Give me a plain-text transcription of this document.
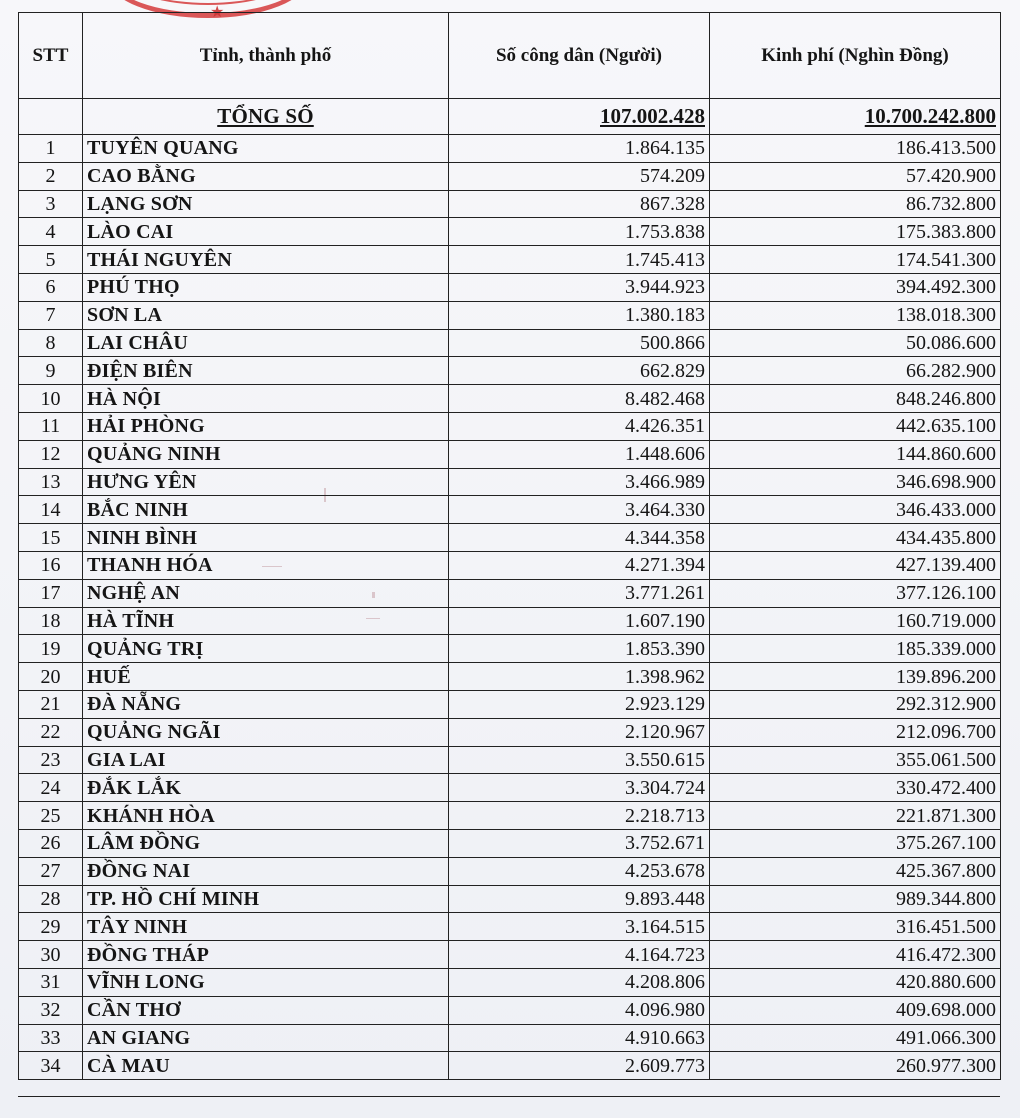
★
STT	Tỉnh, thành phố	Số công dân (Người)	Kinh phí (Nghìn Đồng)
	TỔNG SỐ	107.002.428	10.700.242.800
1	TUYÊN QUANG	1.864.135	186.413.500
2	CAO BẰNG	574.209	57.420.900
3	LẠNG SƠN	867.328	86.732.800
4	LÀO CAI	1.753.838	175.383.800
5	THÁI NGUYÊN	1.745.413	174.541.300
6	PHÚ THỌ	3.944.923	394.492.300
7	SƠN LA	1.380.183	138.018.300
8	LAI CHÂU	500.866	50.086.600
9	ĐIỆN BIÊN	662.829	66.282.900
10	HÀ NỘI	8.482.468	848.246.800
11	HẢI PHÒNG	4.426.351	442.635.100
12	QUẢNG NINH	1.448.606	144.860.600
13	HƯNG YÊN	3.466.989	346.698.900
14	BẮC NINH	3.464.330	346.433.000
15	NINH BÌNH	4.344.358	434.435.800
16	THANH HÓA	4.271.394	427.139.400
17	NGHỆ AN	3.771.261	377.126.100
18	HÀ TĨNH	1.607.190	160.719.000
19	QUẢNG TRỊ	1.853.390	185.339.000
20	HUẾ	1.398.962	139.896.200
21	ĐÀ NẴNG	2.923.129	292.312.900
22	QUẢNG NGÃI	2.120.967	212.096.700
23	GIA LAI	3.550.615	355.061.500
24	ĐẮK LẮK	3.304.724	330.472.400
25	KHÁNH HÒA	2.218.713	221.871.300
26	LÂM ĐỒNG	3.752.671	375.267.100
27	ĐỒNG NAI	4.253.678	425.367.800
28	TP. HỒ CHÍ MINH	9.893.448	989.344.800
29	TÂY NINH	3.164.515	316.451.500
30	ĐỒNG THÁP	4.164.723	416.472.300
31	VĨNH LONG	4.208.806	420.880.600
32	CẦN THƠ	4.096.980	409.698.000
33	AN GIANG	4.910.663	491.066.300
34	CÀ MAU	2.609.773	260.977.300
